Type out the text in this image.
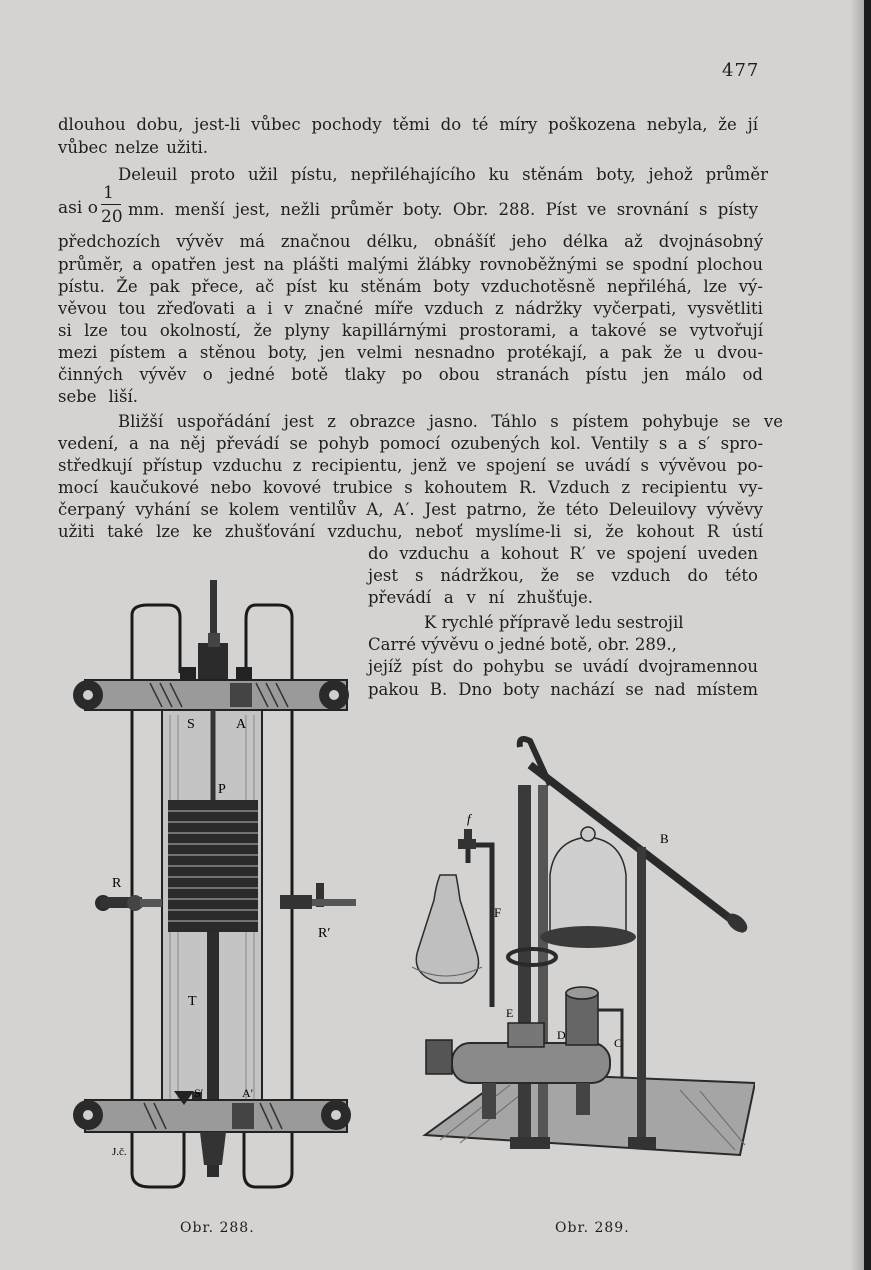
477
dlouhou dobu, jest-li vůbec pochody těmi do té míry poškozena nebyla, že jí
vůbec nelze užiti.
Deleuil proto užil pístu, nepřiléhajícího ku stěnám boty, jehož průměr
mm. menší jest, nežli průměr boty. Obr. 288. Píst ve srovnání s písty
předchozích vývěv má značnou délku, obnášíť jeho délka až dvojnásobný
průměr, a opatřen jest na plášti malými žlábky rovnoběžnými se spodní plochou
pístu. Že pak přece, ač píst ku stěnám boty vzduchotěsně nepřiléhá, lze vý-
věvou tou zřeďovati a i v značné míře vzduch z nádržky vyčerpati, vysvětliti
si lze tou okolností, že plyny kapillárnými prostorami, a takové se vytvořují
mezi pístem a stěnou boty, jen velmi nesnadno protékají, a pak že u dvou-
činných vývěv o jedné botě tlaky po obou stranách pístu jen málo od
sebe liší.
Bližší uspořádání jest z obrazce jasno. Táhlo s pístem pohybuje se ve
vedení, a na něj převádí se pohyb pomocí ozubených kol. Ventily s a s′ spro-
středkují přístup vzduchu z recipientu, jenž ve spojení se uvádí s vývěvou po-
mocí kaučukové nebo kovové trubice s kohoutem R. Vzduch z recipientu vy-
čerpaný vyhání se kolem ventilův A, A′. Jest patrno, že této Deleuilovy vývěvy
užiti také lze ke zhušťování vzduchu, neboť myslíme-li si, že kohout R ústí
do vzduchu a kohout R′ ve spojení uveden
jest s nádržkou, že se vzduch do této
převádí a v ní zhušťuje.
K rychlé přípravě ledu sestrojil
Carré vývěvu o jedné botě, obr. 289.,
jejíž píst do pohybu se uvádí dvojramennou
pakou B. Dno boty nachází se nad místem
asi o
1
20
S	A
P
R
R′
T
S′	A′
J.č.
f
F
B
E
D
C
Obr. 288.	Obr. 289.
